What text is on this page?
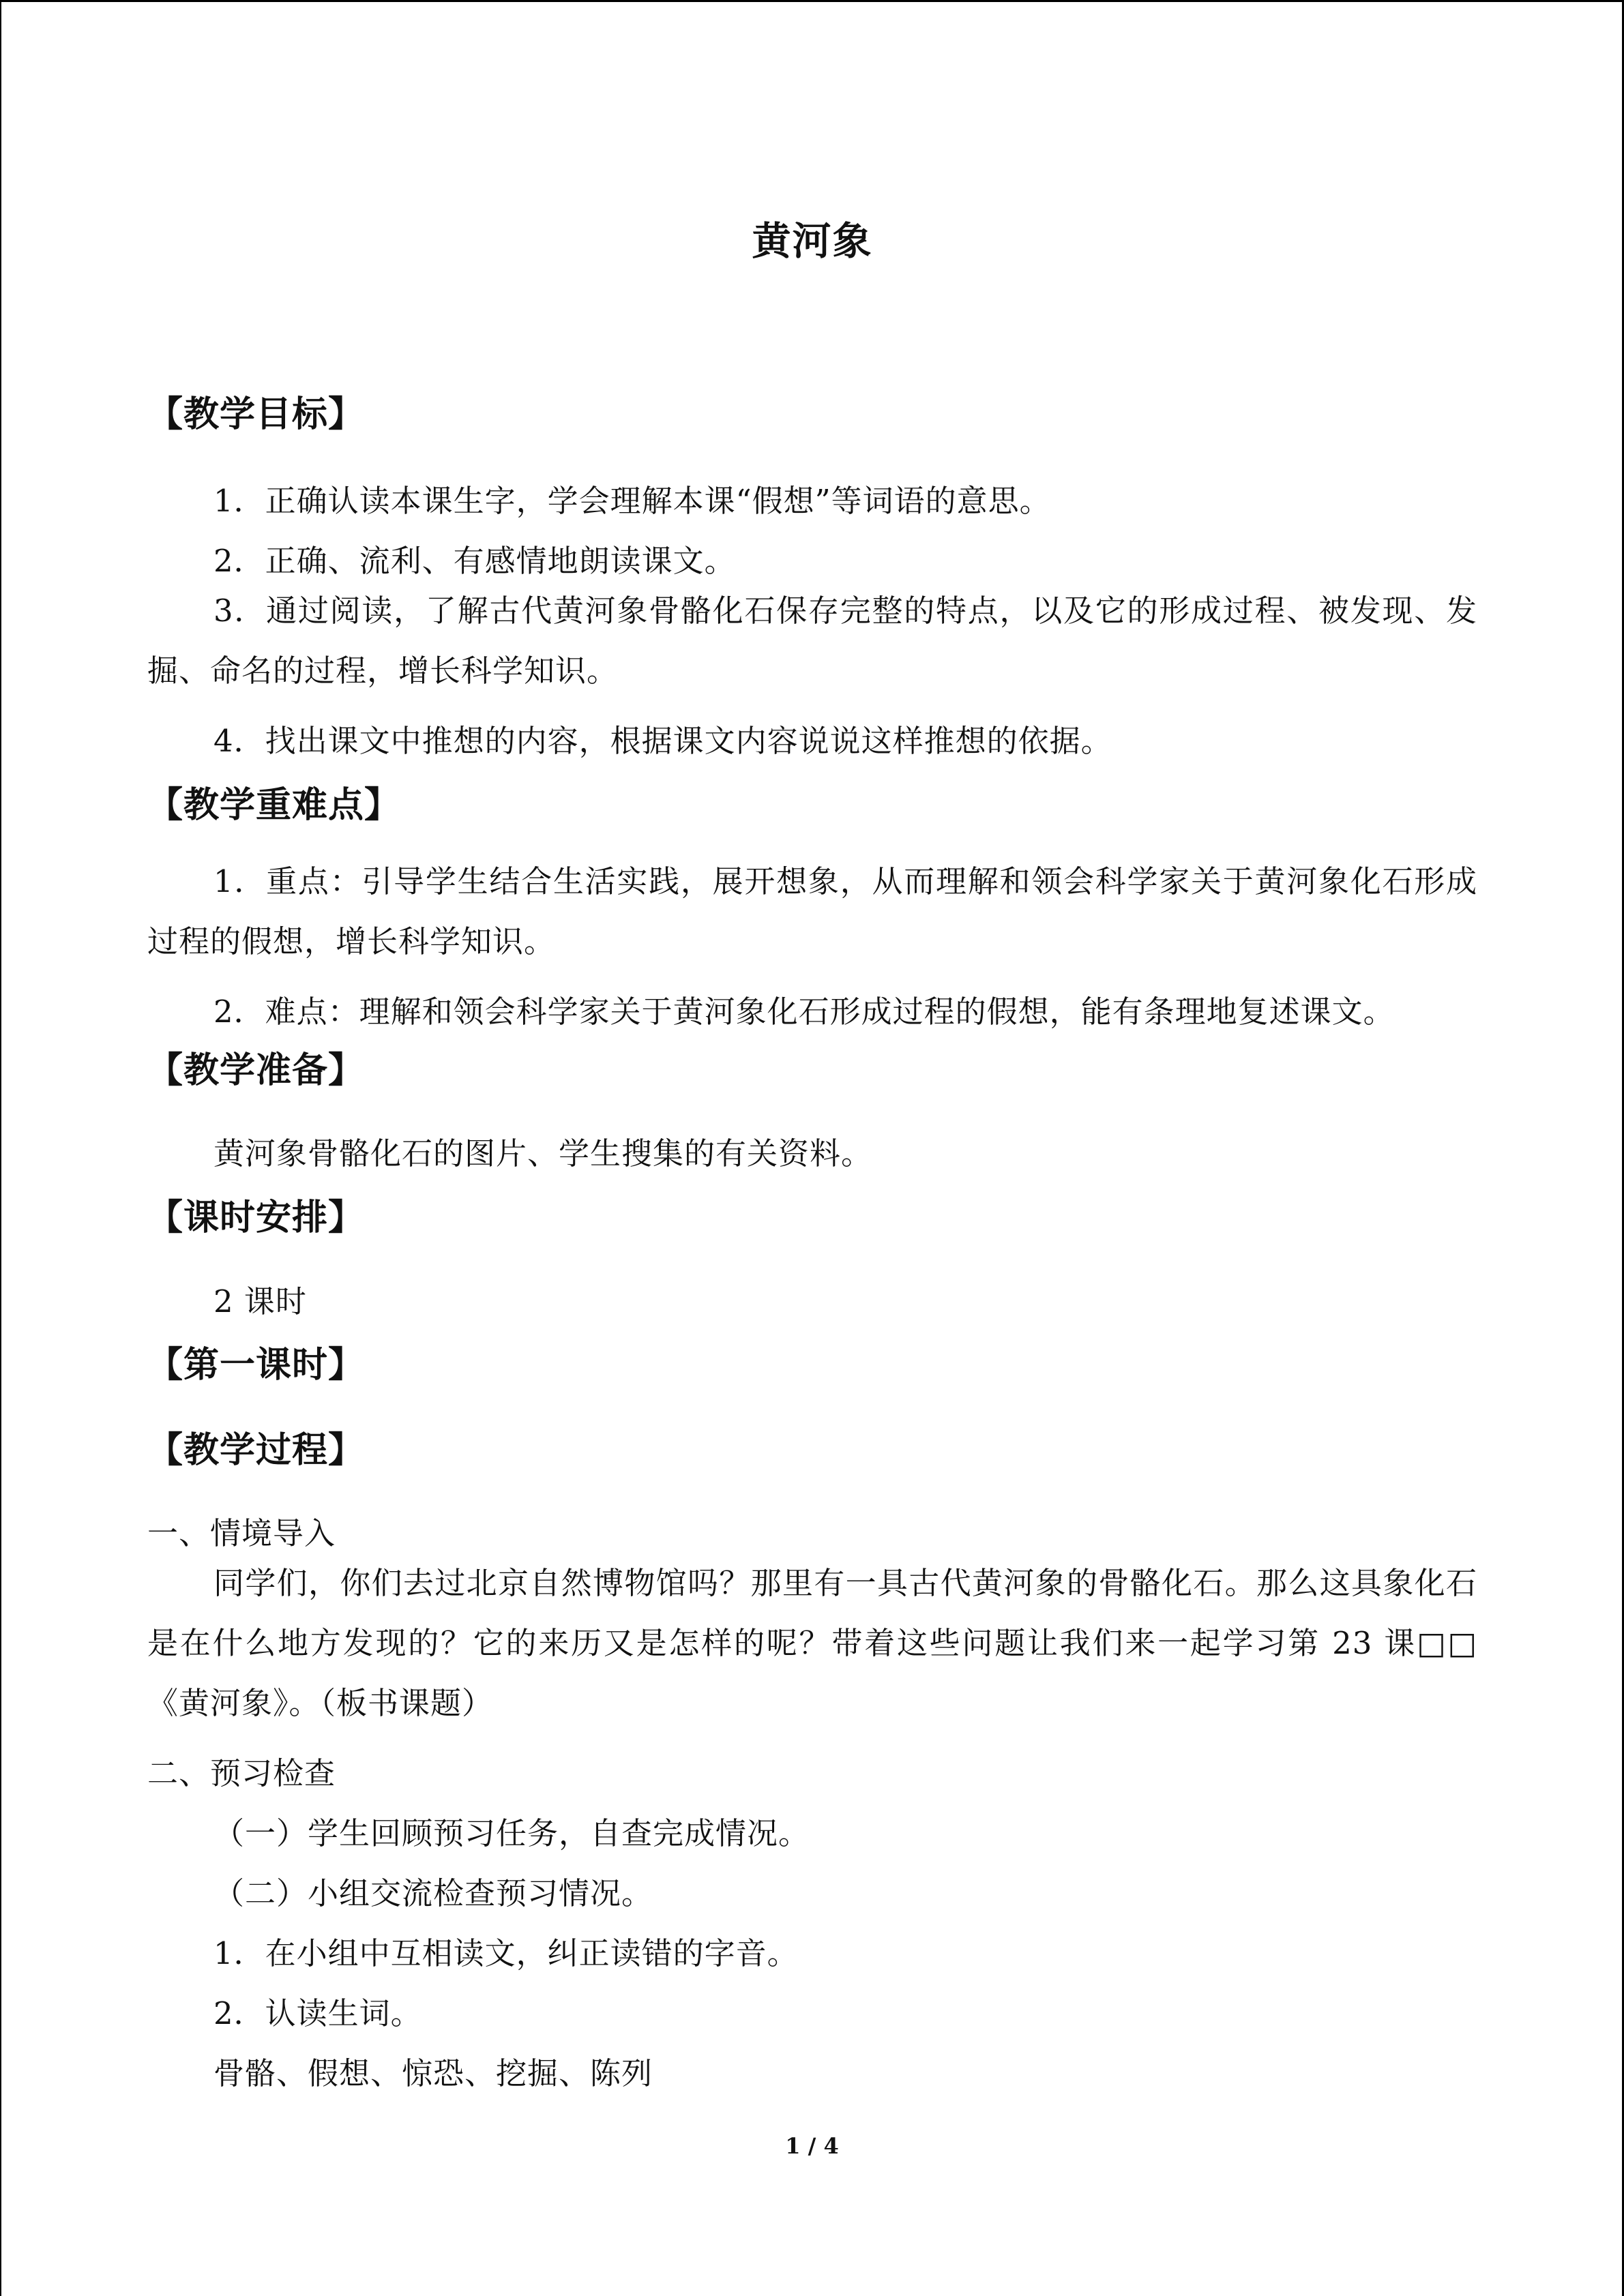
黄河象
【教学目标】
1．正确认读本课生字，学会理解本课“假想”等词语的意思。
2．正确、流利、有感情地朗读课文。
3．通过阅读，了解古代黄河象骨骼化石保存完整的特点，以及它的形成过程、被发现、发掘、命名的过程，增长科学知识。
4．找出课文中推想的内容，根据课文内容说说这样推想的依据。
【教学重难点】
1．重点：引导学生结合生活实践，展开想象，从而理解和领会科学家关于黄河象化石形成过程的假想，增长科学知识。
2．难点：理解和领会科学家关于黄河象化石形成过程的假想，能有条理地复述课文。
【教学准备】
黄河象骨骼化石的图片、学生搜集的有关资料。
【课时安排】
2 课时
【第一课时】
【教学过程】
一、情境导入
同学们，你们去过北京自然博物馆吗？那里有一具古代黄河象的骨骼化石。那么这具象化石是在什么地方发现的？它的来历又是怎样的呢？带着这些问题让我们来一起学习第 23 课□□《黄河象》。（板书课题）
二、预习检查
（一）学生回顾预习任务，自查完成情况。
（二）小组交流检查预习情况。
1．在小组中互相读文，纠正读错的字音。
2．认读生词。
骨骼、假想、惊恐、挖掘、陈列
1 / 4
